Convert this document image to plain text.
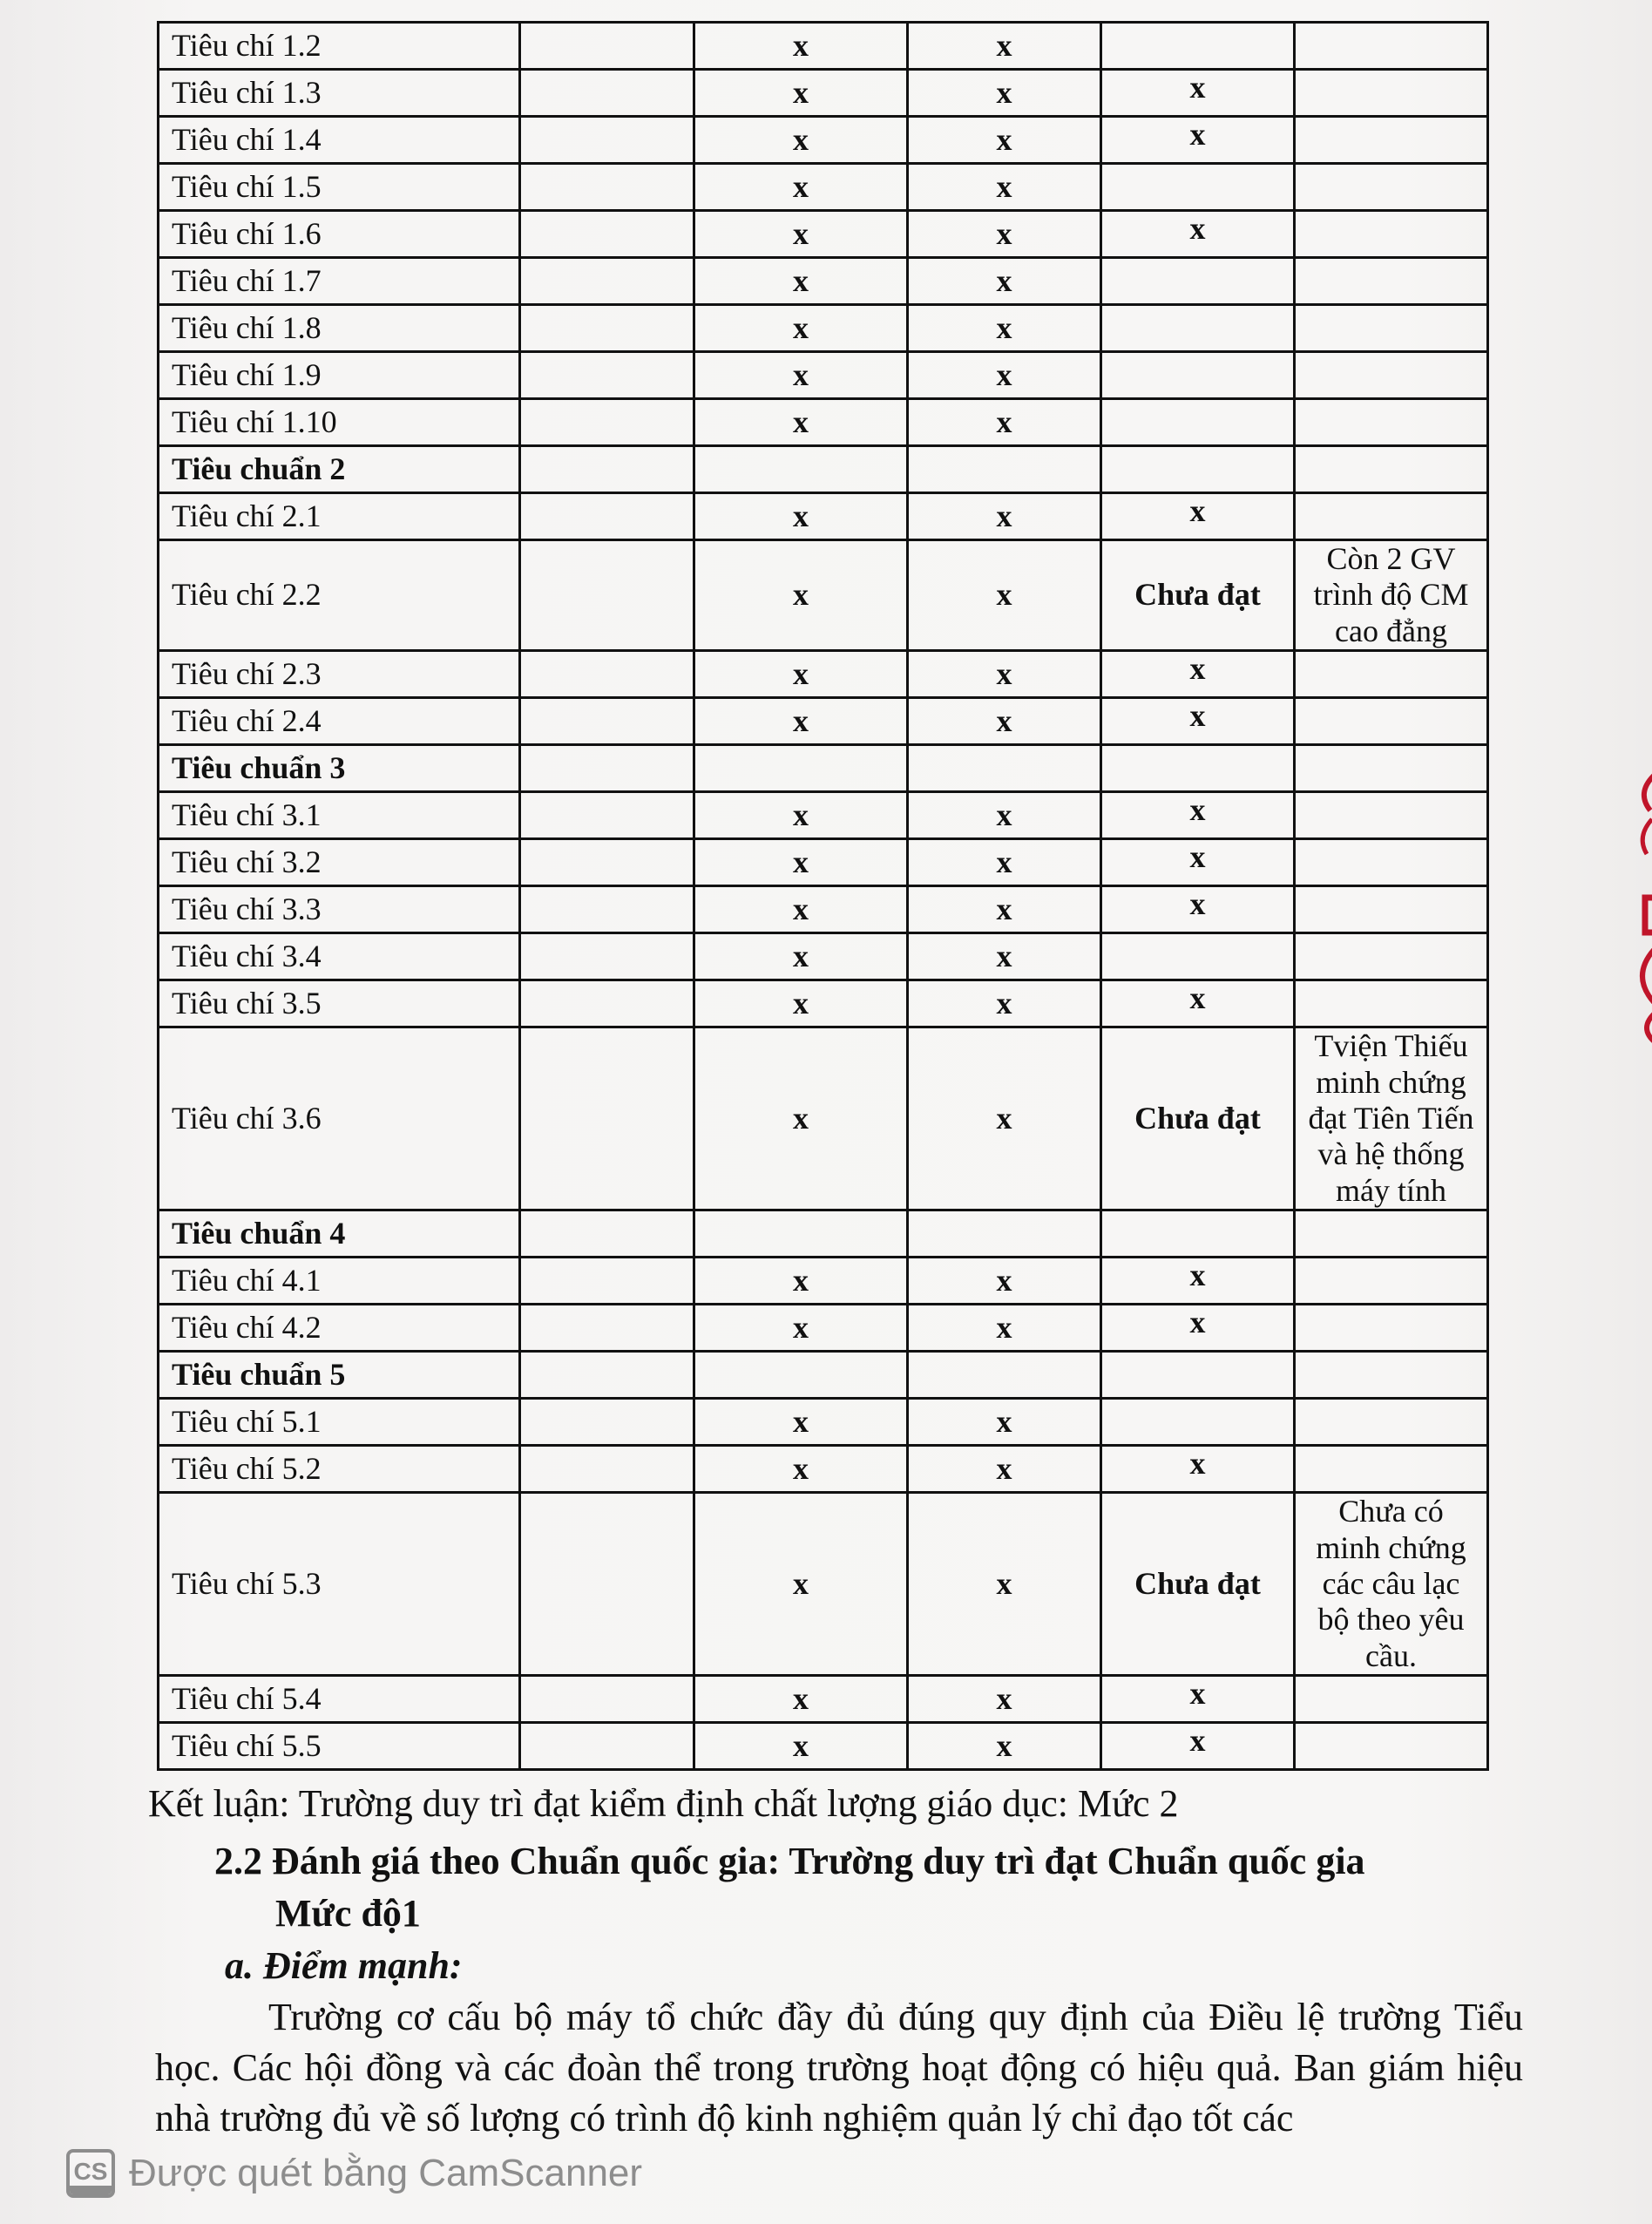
Tiêu chí 1.2		x	x		
Tiêu chí 1.3		x	x	x	
Tiêu chí 1.4		x	x	x	
Tiêu chí 1.5		x	x		
Tiêu chí 1.6		x	x	x	
Tiêu chí 1.7		x	x		
Tiêu chí 1.8		x	x		
Tiêu chí 1.9		x	x		
Tiêu chí 1.10		x	x		
Tiêu chuẩn 2					
Tiêu chí 2.1		x	x	x	
Tiêu chí 2.2		x	x	Chưa đạt	Còn 2 GV trình độ CM cao đẳng
Tiêu chí 2.3		x	x	x	
Tiêu chí 2.4		x	x	x	
Tiêu chuẩn 3					
Tiêu chí 3.1		x	x	x	
Tiêu chí 3.2		x	x	x	
Tiêu chí 3.3		x	x	x	
Tiêu chí 3.4		x	x		
Tiêu chí 3.5		x	x	x	
Tiêu chí 3.6		x	x	Chưa đạt	Tviện Thiếu minh chứng đạt Tiên Tiến và hệ thống máy tính
Tiêu chuẩn 4					
Tiêu chí 4.1		x	x	x	
Tiêu chí 4.2		x	x	x	
Tiêu chuẩn 5					
Tiêu chí 5.1		x	x		
Tiêu chí 5.2		x	x	x	
Tiêu chí 5.3		x	x	Chưa đạt	Chưa có minh chứng các câu lạc bộ theo yêu cầu.
Tiêu chí 5.4		x	x	x	
Tiêu chí 5.5		x	x	x	
Kết luận: Trường duy trì đạt kiểm định chất lượng giáo dục: Mức 2
2.2 Đánh giá theo Chuẩn quốc gia: Trường duy trì đạt Chuẩn quốc gia
Mức độ1
a. Điểm mạnh:
Trường cơ cấu bộ máy tổ chức đầy đủ đúng quy định của Điều lệ trường Tiểu học. Các hội đồng và các đoàn thể trong trường hoạt động có hiệu quả. Ban giám hiệu nhà trường đủ về số lượng có trình độ kinh nghiệm quản lý chỉ đạo tốt các
CS Được quét bằng CamScanner
